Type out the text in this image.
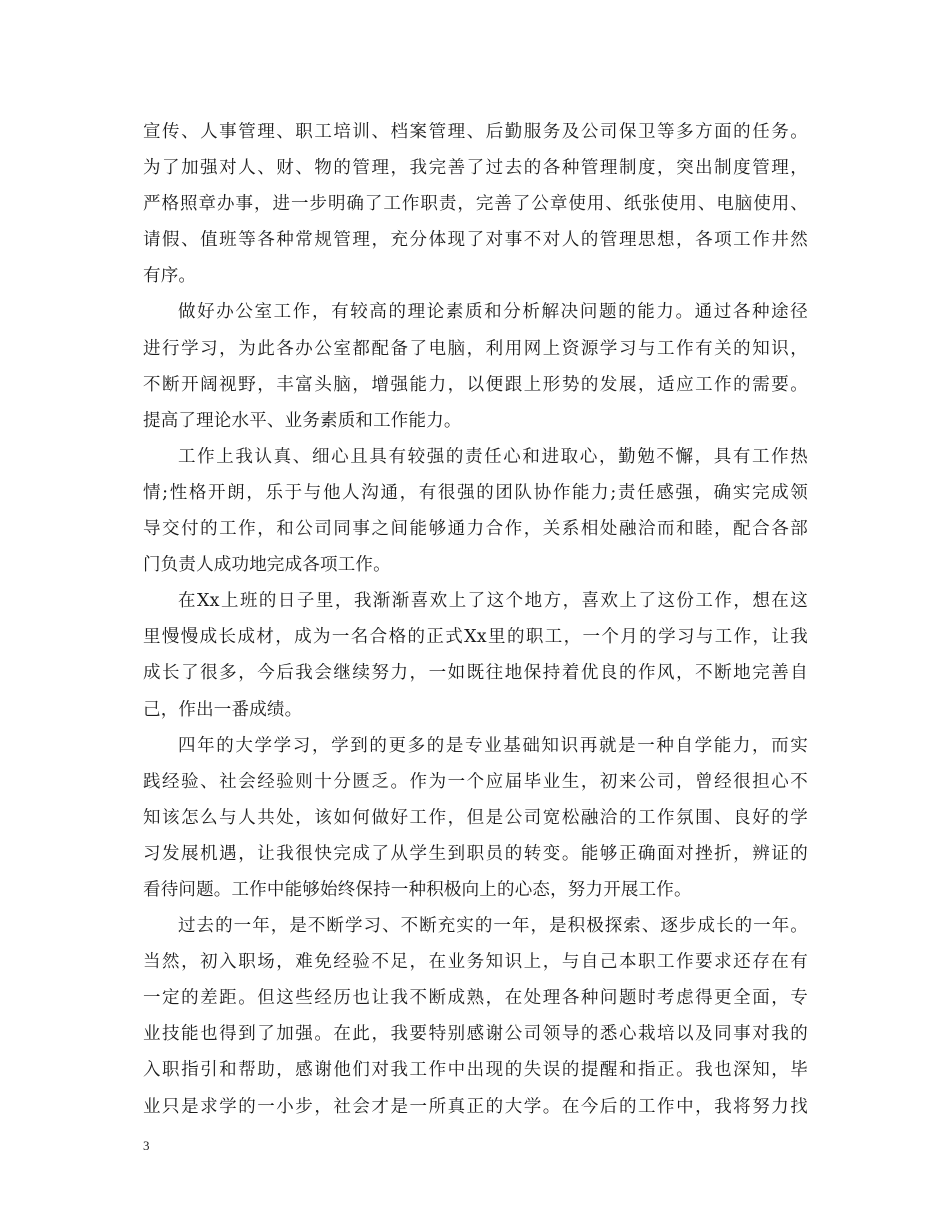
宣传、人事管理、职工培训、档案管理、后勤服务及公司保卫等多方面的任务。
为了加强对人、财、物的管理，我完善了过去的各种管理制度，突出制度管理，
严格照章办事，进一步明确了工作职责，完善了公章使用、纸张使用、电脑使用、
请假、值班等各种常规管理，充分体现了对事不对人的管理思想，各项工作井然
有序。
做好办公室工作，有较高的理论素质和分析解决问题的能力。通过各种途径
进行学习，为此各办公室都配备了电脑，利用网上资源学习与工作有关的知识，
不断开阔视野，丰富头脑，增强能力，以便跟上形势的发展，适应工作的需要。
提高了理论水平、业务素质和工作能力。
工作上我认真、细心且具有较强的责任心和进取心，勤勉不懈，具有工作热
情;性格开朗，乐于与他人沟通，有很强的团队协作能力;责任感强，确实完成领
导交付的工作，和公司同事之间能够通力合作，关系相处融洽而和睦，配合各部
门负责人成功地完成各项工作。
在Xx上班的日子里，我渐渐喜欢上了这个地方，喜欢上了这份工作，想在这
里慢慢成长成材，成为一名合格的正式Xx里的职工，一个月的学习与工作，让我
成长了很多，今后我会继续努力，一如既往地保持着优良的作风，不断地完善自
己，作出一番成绩。
四年的大学学习，学到的更多的是专业基础知识再就是一种自学能力，而实
践经验、社会经验则十分匮乏。作为一个应届毕业生，初来公司，曾经很担心不
知该怎么与人共处，该如何做好工作，但是公司宽松融洽的工作氛围、良好的学
习发展机遇，让我很快完成了从学生到职员的转变。能够正确面对挫折，辨证的
看待问题。工作中能够始终保持一种积极向上的心态，努力开展工作。
过去的一年，是不断学习、不断充实的一年，是积极探索、逐步成长的一年。
当然，初入职场，难免经验不足，在业务知识上，与自己本职工作要求还存在有
一定的差距。但这些经历也让我不断成熟，在处理各种问题时考虑得更全面，专
业技能也得到了加强。在此，我要特别感谢公司领导的悉心栽培以及同事对我的
入职指引和帮助，感谢他们对我工作中出现的失误的提醒和指正。我也深知，毕
业只是求学的一小步，社会才是一所真正的大学。在今后的工作中，我将努力找
3
